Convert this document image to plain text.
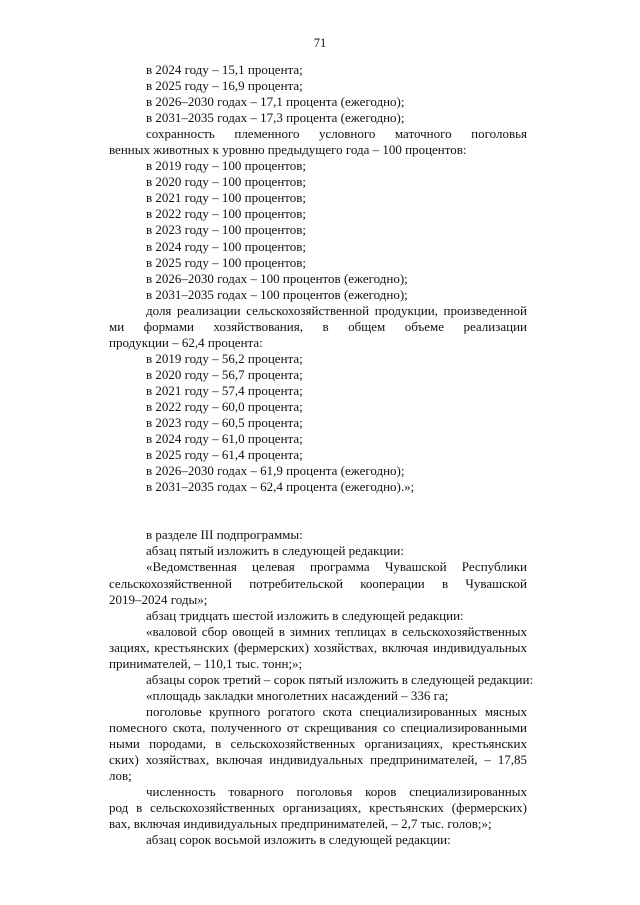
71
в 2024 году – 15,1 процента;
в 2025 году – 16,9 процента;
в 2026–2030 годах – 17,1 процента (ежегодно);
в 2031–2035 годах – 17,3 процента (ежегодно);
сохранность племенного условного маточного поголовья
венных животных к уровню предыдущего года – 100 процентов:
в 2019 году – 100 процентов;
в 2020 году – 100 процентов;
в 2021 году – 100 процентов;
в 2022 году – 100 процентов;
в 2023 году – 100 процентов;
в 2024 году – 100 процентов;
в 2025 году – 100 процентов;
в 2026–2030 годах – 100 процентов (ежегодно);
в 2031–2035 годах – 100 процентов (ежегодно);
доля реализации сельскохозяйственной продукции, произведенной
ми формами хозяйствования, в общем объеме реализации
продукции – 62,4 процента:
в 2019 году – 56,2 процента;
в 2020 году – 56,7 процента;
в 2021 году – 57,4 процента;
в 2022 году – 60,0 процента;
в 2023 году – 60,5 процента;
в 2024 году – 61,0 процента;
в 2025 году – 61,4 процента;
в 2026–2030 годах – 61,9 процента (ежегодно);
в 2031–2035 годах – 62,4 процента (ежегодно).»;
в разделе III подпрограммы:
абзац пятый изложить в следующей редакции:
«Ведомственная целевая программа Чувашской Республики
сельскохозяйственной потребительской кооперации в Чувашской
2019–2024 годы»;
абзац тридцать шестой изложить в следующей редакции:
«валовой сбор овощей в зимних теплицах в сельскохозяйственных
зациях, крестьянских (фермерских) хозяйствах, включая индивидуальных
принимателей, – 110,1 тыс. тонн;»;
абзацы сорок третий – сорок пятый изложить в следующей редакции:
«площадь закладки многолетних насаждений – 336 га;
поголовье крупного рогатого скота специализированных мясных
помесного скота, полученного от скрещивания со специализированными
ными породами, в сельскохозяйственных организациях, крестьянских
ских) хозяйствах, включая индивидуальных предпринимателей, – 17,85
лов;
численность товарного поголовья коров специализированных
род в сельскохозяйственных организациях, крестьянских (фермерских)
вах, включая индивидуальных предпринимателей, – 2,7 тыс. голов;»;
абзац сорок восьмой изложить в следующей редакции:
